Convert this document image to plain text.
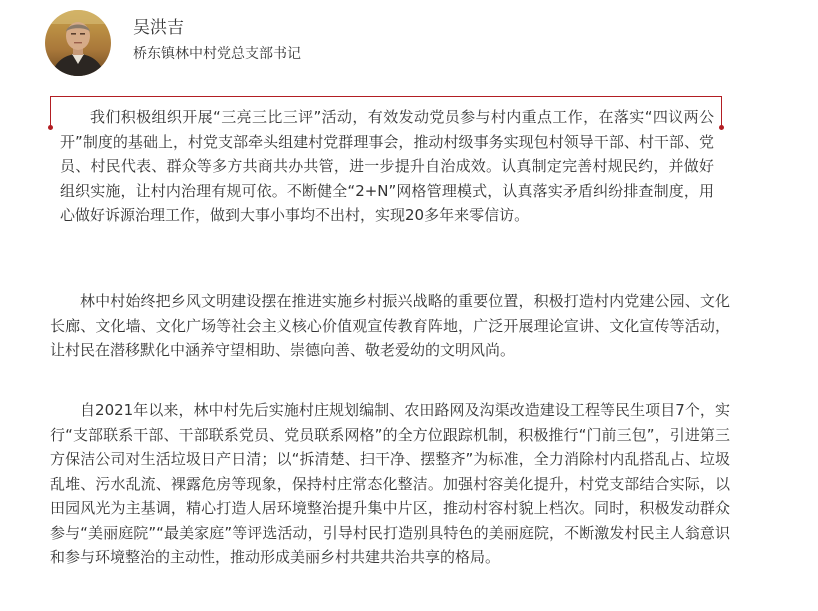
吴洪吉
桥东镇林中村党总支部书记

我们积极组织开展“三亮三比三评”活动，有效发动党员参与村内重点工作，在落实“四议两公开”制度的基础上，村党支部牵头组建村党群理事会，推动村级事务实现包村领导干部、村干部、党员、村民代表、群众等多方共商共办共管，进一步提升自治成效。认真制定完善村规民约，并做好组织实施，让村内治理有规可依。不断健全“2+N”网格管理模式，认真落实矛盾纠纷排查制度，用心做好诉源治理工作，做到大事小事均不出村，实现20多年来零信访。

林中村始终把乡风文明建设摆在推进实施乡村振兴战略的重要位置，积极打造村内党建公园、文化长廊、文化墙、文化广场等社会主义核心价值观宣传教育阵地，广泛开展理论宣讲、文化宣传等活动，让村民在潜移默化中涵养守望相助、崇德向善、敬老爱幼的文明风尚。

自2021年以来，林中村先后实施村庄规划编制、农田路网及沟渠改造建设工程等民生项目7个，实行“支部联系干部、干部联系党员、党员联系网格”的全方位跟踪机制，积极推行“门前三包”，引进第三方保洁公司对生活垃圾日产日清；以“拆清楚、扫干净、摆整齐”为标准，全力消除村内乱搭乱占、垃圾乱堆、污水乱流、裸露危房等现象，保持村庄常态化整洁。加强村容美化提升，村党支部结合实际，以田园风光为主基调，精心打造人居环境整治提升集中片区，推动村容村貌上档次。同时，积极发动群众参与“美丽庭院”“最美家庭”等评选活动，引导村民打造别具特色的美丽庭院，不断激发村民主人翁意识和参与环境整治的主动性，推动形成美丽乡村共建共治共享的格局。
